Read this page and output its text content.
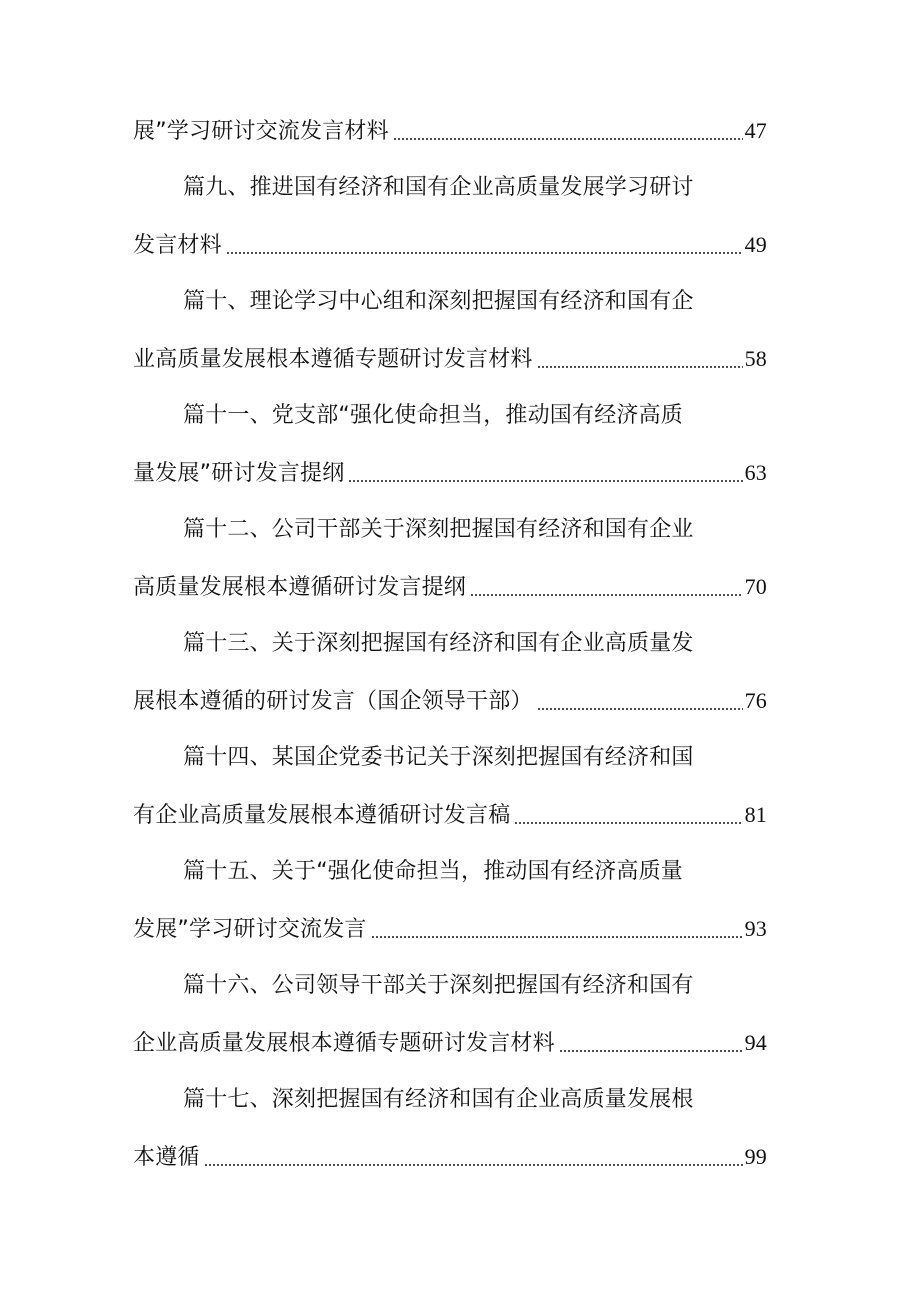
展”学习研讨交流发言材料	47
篇九、推进国有经济和国有企业高质量发展学习研讨
发言材料	49
篇十、理论学习中心组和深刻把握国有经济和国有企
业高质量发展根本遵循专题研讨发言材料	58
篇十一、党支部“强化使命担当，推动国有经济高质
量发展”研讨发言提纲	63
篇十二、公司干部关于深刻把握国有经济和国有企业
高质量发展根本遵循研讨发言提纲	70
篇十三、关于深刻把握国有经济和国有企业高质量发
展根本遵循的研讨发言（国企领导干部）	76
篇十四、某国企党委书记关于深刻把握国有经济和国
有企业高质量发展根本遵循研讨发言稿	81
篇十五、关于“强化使命担当，推动国有经济高质量
发展”学习研讨交流发言	93
篇十六、公司领导干部关于深刻把握国有经济和国有
企业高质量发展根本遵循专题研讨发言材料	94
篇十七、深刻把握国有经济和国有企业高质量发展根
本遵循	99
